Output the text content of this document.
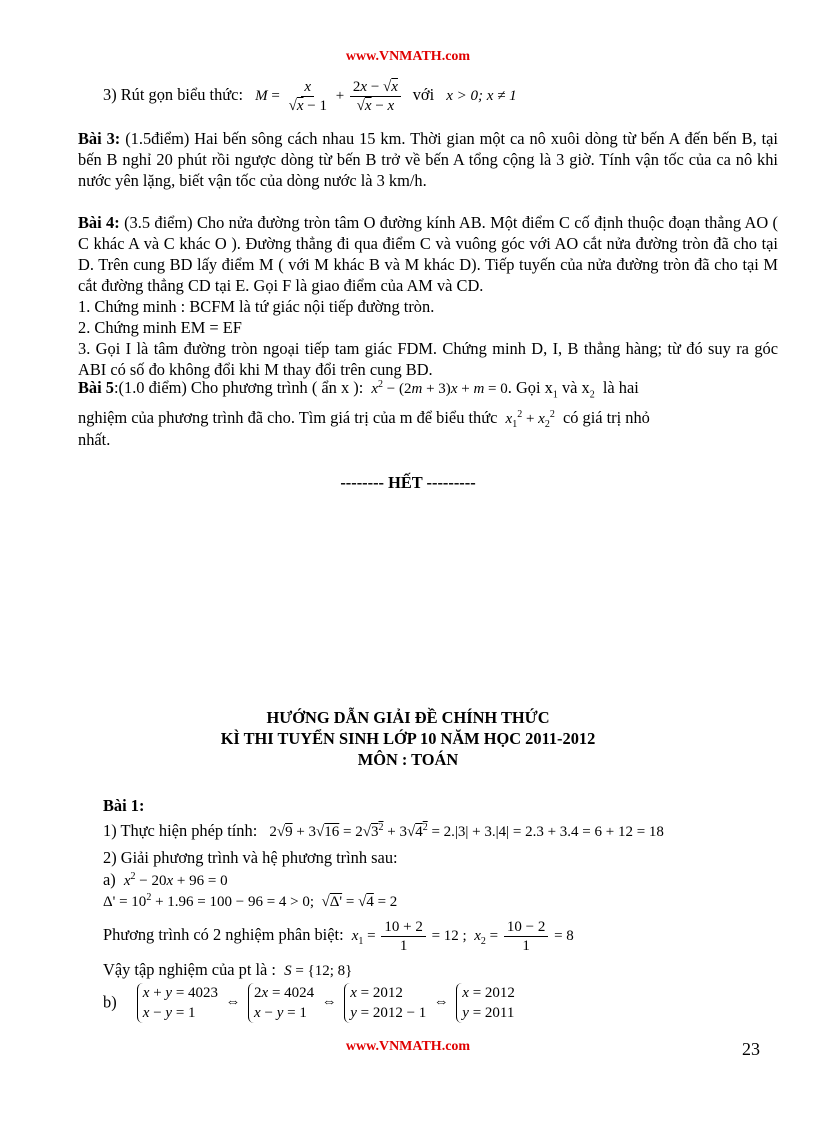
www.VNMATH.com
3) Rút gọn biểu thức: $M = \frac{x}{√x - 1} + \frac{2x - √x}{√x - x}$ với x > 0; x ≠ 1
Bài 3: (1.5điểm) Hai bến sông cách nhau 15 km. Thời gian một ca nô xuôi dòng từ bến A đến bến B, tại bến B nghỉ 20 phút rồi ngược dòng từ bến B trở về bến A tổng cộng là 3 giờ. Tính vận tốc của ca nô khi nước yên lặng, biết vận tốc của dòng nước là 3 km/h.
Bài 4: (3.5 điểm) Cho nửa đường tròn tâm O đường kính AB. Một điểm C cố định thuộc đoạn thẳng AO ( C khác A và C khác O ). Đường thẳng đi qua điểm C và vuông góc với AO cắt nửa đường tròn đã cho tại D. Trên cung BD lấy điểm M ( với M khác B và M khác D). Tiếp tuyến của nửa đường tròn đã cho tại M cắt đường thẳng CD tại E. Gọi F là giao điểm của AM và CD.
1. Chứng minh : BCFM là tứ giác nội tiếp đường tròn.
2. Chứng minh EM = EF
3. Gọi I là tâm đường tròn ngoại tiếp tam giác FDM. Chứng minh D, I, B thẳng hàng; từ đó suy ra góc ABI có số đo không đổi khi M thay đổi trên cung BD.
Bài 5:(1.0 điểm) Cho phương trình ( ẩn x ): $x^2 - (2m + 3)x + m = 0$. Gọi $x_1$ và $x_2$ là hai
nghiệm của phương trình đã cho. Tìm giá trị của m để biểu thức $x_1^2 + x_2^2$ có giá trị nhỏ
nhất.
-------- HẾT ---------
HƯỚNG DẪN GIẢI ĐỀ CHÍNH THỨC
KÌ THI TUYỂN SINH LỚP 10 NĂM HỌC 2011-2012
MÔN : TOÁN
Bài 1:
1) Thực hiện phép tính: $2√9 + 3√16 = 2√3^2 + 3√4^2 = 2.|3| + 3.|4| = 2.3 + 3.4 = 6 + 12 = 18$
2) Giải phương trình và hệ phương trình sau:
a) $x^2 - 20x + 96 = 0$
$\Delta' = 10^2 + 1.96 = 100 - 96 = 4 > 0$;  √Δ' = √4 = 2
Phương trình có 2 nghiệm phân biệt: $x_1 = \frac{10 + 2}{1} = 12$ ;  $x_2 = \frac{10 - 2}{1} = 8$
Vậy tập nghiệm của pt là : S = {12; 8}
b) x + y = 4023
x − y = 1  ⇔  2x = 4024
x − y = 1  ⇔  x = 2012
y = 2012 − 1  ⇔  x = 2012
y = 2011
www.VNMATH.com	23
